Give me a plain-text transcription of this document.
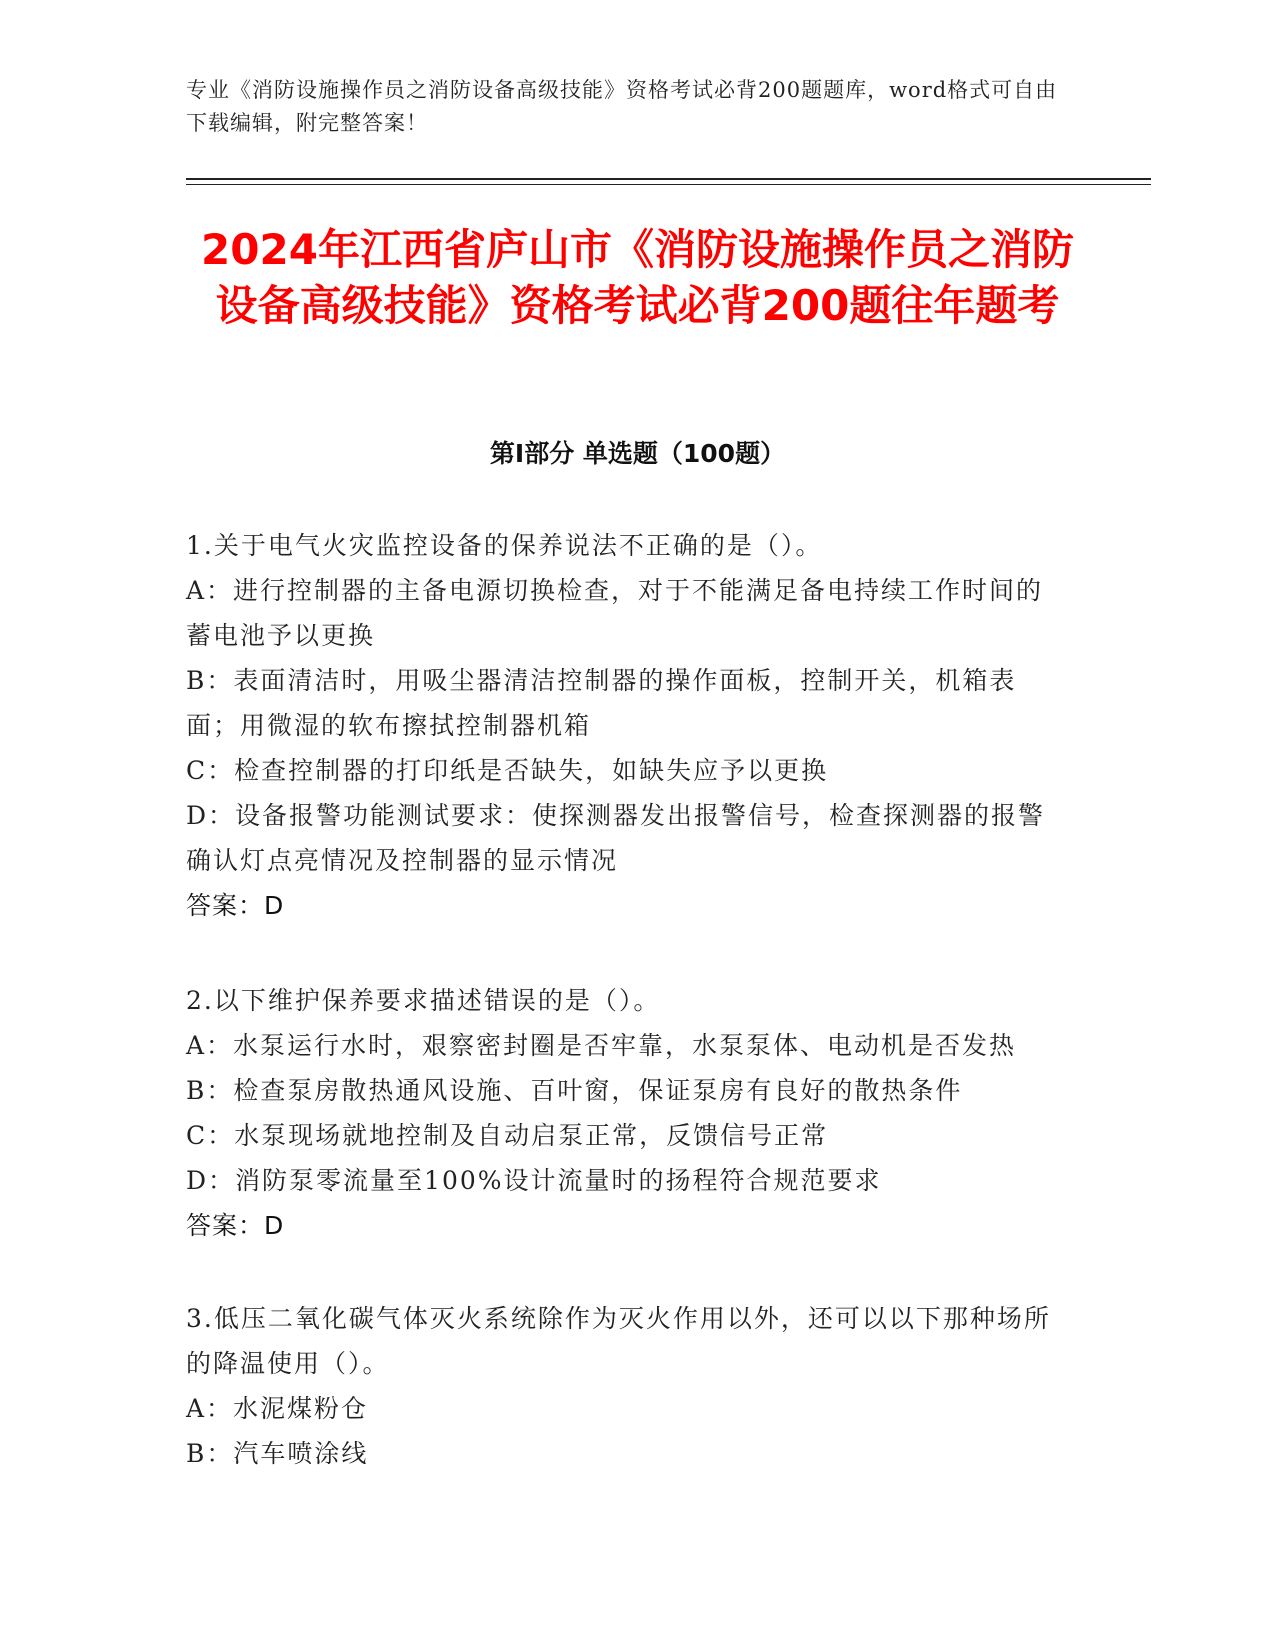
专业《消防设施操作员之消防设备高级技能》资格考试必背200题题库，word格式可自由下载编辑，附完整答案！
2024年江西省庐山市《消防设施操作员之消防设备高级技能》资格考试必背200题往年题考
第I部分 单选题（100题）
1.关于电气火灾监控设备的保养说法不正确的是（）。
A：进行控制器的主备电源切换检查，对于不能满足备电持续工作时间的蓄电池予以更换
B：表面清洁时，用吸尘器清洁控制器的操作面板，控制开关，机箱表面；用微湿的软布擦拭控制器机箱
C：检查控制器的打印纸是否缺失，如缺失应予以更换
D：设备报警功能测试要求：使探测器发出报警信号，检查探测器的报警确认灯点亮情况及控制器的显示情况
答案：D
2.以下维护保养要求描述错误的是（）。
A：水泵运行水时，艰察密封圈是否牢靠，水泵泵体、电动机是否发热
B：检查泵房散热通风设施、百叶窗，保证泵房有良好的散热条件
C：水泵现场就地控制及自动启泵正常，反馈信号正常
D：消防泵零流量至100%设计流量时的扬程符合规范要求
答案：D
3.低压二氧化碳气体灭火系统除作为灭火作用以外，还可以以下那种场所的降温使用（）。
A：水泥煤粉仓
B：汽车喷涂线
